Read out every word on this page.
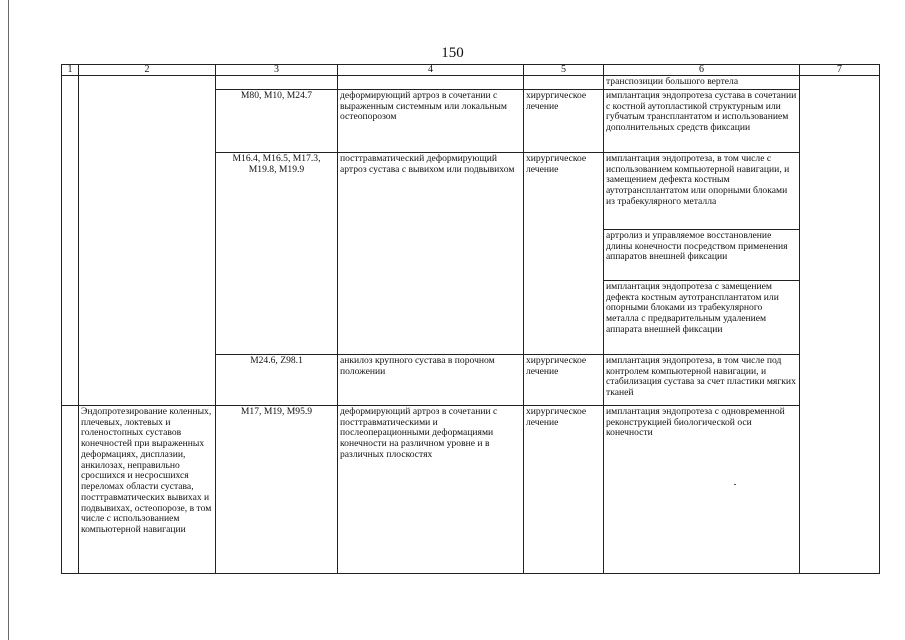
150
1	2	3	4	5	6	7
					транспозиции большого вертела	
		M80, M10, M24.7	деформирующий артроз в сочетании с выраженным системным или локальным остеопорозом	хирургическое лечение	имплантация эндопротеза сустава в сочетании с костной аутопластикой структурным или губчатым трансплантатом и использованием дополнительных средств фиксации	
		M16.4, M16.5, M17.3, M19.8, M19.9	посттравматический деформирующий артроз сустава с вывихом или подвывихом	хирургическое лечение	имплантация эндопротеза, в том числе с использованием компьютерной навигации, и замещением дефекта костным аутотрансплантатом или опорными блоками из трабекулярного металла	
					артролиз и управляемое восстановление длины конечности посредством применения аппаратов внешней фиксации	
					имплантация эндопротеза с замещением дефекта костным аутотрансплантатом или опорными блоками из трабекулярного металла с предварительным удалением аппарата внешней фиксации	
		M24.6, Z98.1	анкилоз крупного сустава в порочном положении	хирургическое лечение	имплантация эндопротеза, в том числе под контролем компьютерной навигации, и стабилизация сустава за счет пластики мягких тканей	
	Эндопротезирование коленных, плечевых, локтевых и голеностопных суставов конечностей при выраженных деформациях, дисплазии, анкилозах, неправильно сросшихся и несросшихся переломах области сустава, посттравматических вывихах и подвывихах, остеопорозе, в том числе с использованием компьютерной навигации	M17, M19, M95.9	деформирующий артроз в сочетании с посттравматическими и послеоперационными деформациями конечности на различном уровне и в различных плоскостях	хирургическое лечение	имплантация эндопротеза с одновременной реконструкцией биологической оси конечности	
